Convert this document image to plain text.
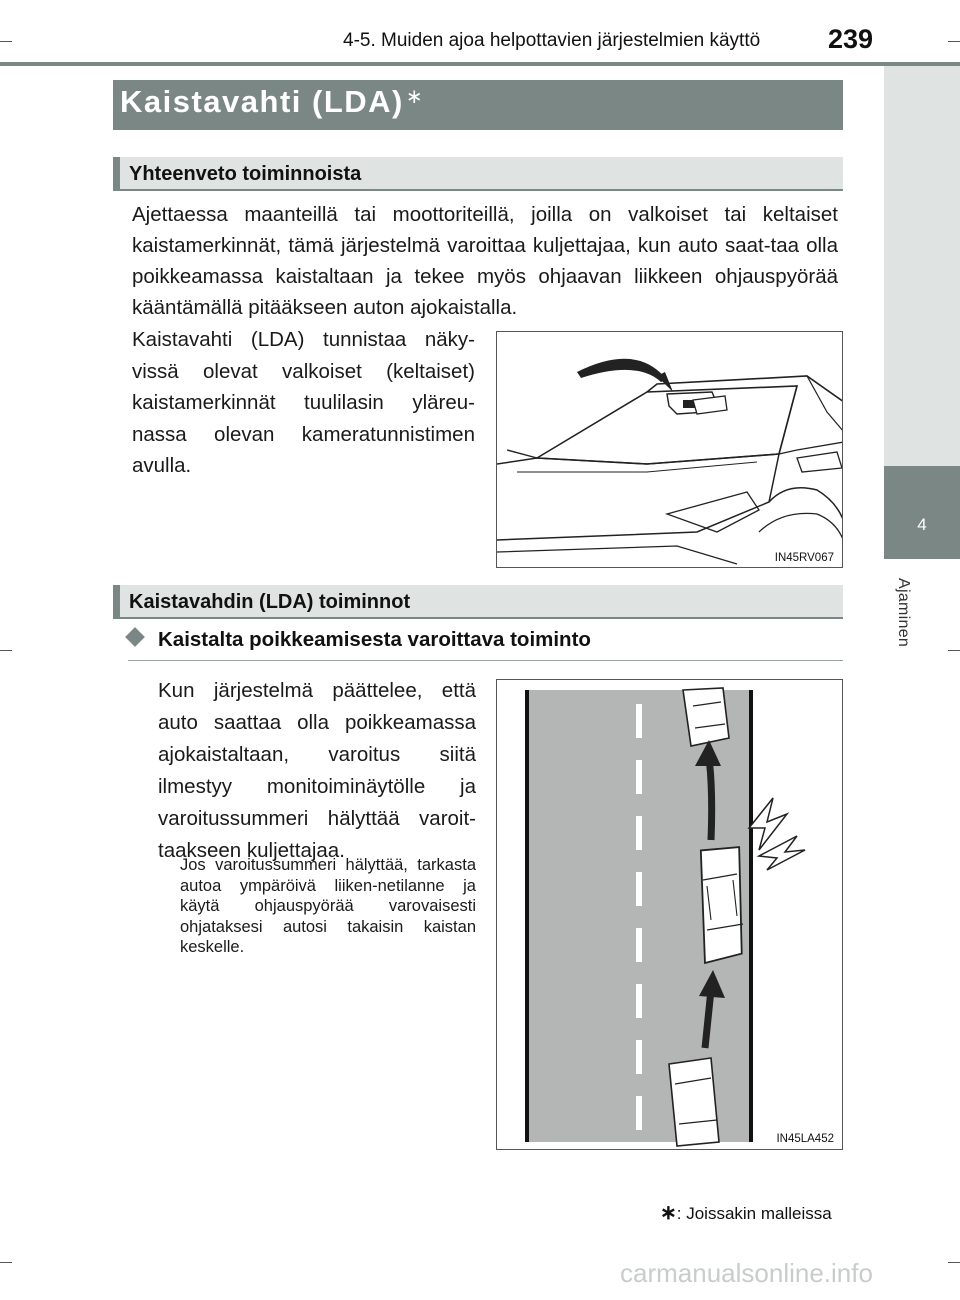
4-5. Muiden ajoa helpottavien järjestelmien käyttö	239
4
Ajaminen
Kaistavahti (LDA) ∗
Yhteenveto toiminnoista
Ajettaessa maanteillä tai moottoriteillä, joilla on valkoiset tai keltaiset kaistamerkinnät, tämä järjestelmä varoittaa kuljettajaa, kun auto saat-taa olla poikkeamassa kaistaltaan ja tekee myös ohjaavan liikkeen ohjauspyörää kääntämällä pitääkseen auton ajokaistalla.
Kaistavahti (LDA) tunnistaa näky-vissä olevat valkoiset (keltaiset) kaistamerkinnät tuulilasin yläreu-nassa olevan kameratunnistimen avulla.
IN45RV067
Kaistavahdin (LDA) toiminnot
Kaistalta poikkeamisesta varoittava toiminto
Kun järjestelmä päättelee, että auto saattaa olla poikkeamassa ajokaistaltaan, varoitus siitä ilmestyy monitoiminäytölle ja varoitussummeri hälyttää varoit-taakseen kuljettajaa.
Jos varoitussummeri hälyttää, tarkasta autoa ympäröivä liiken-netilanne ja käytä ohjauspyörää varovaisesti ohjataksesi autosi takaisin kaistan keskelle.
IN45LA452
∗: Joissakin malleissa
carmanualsonline.info
